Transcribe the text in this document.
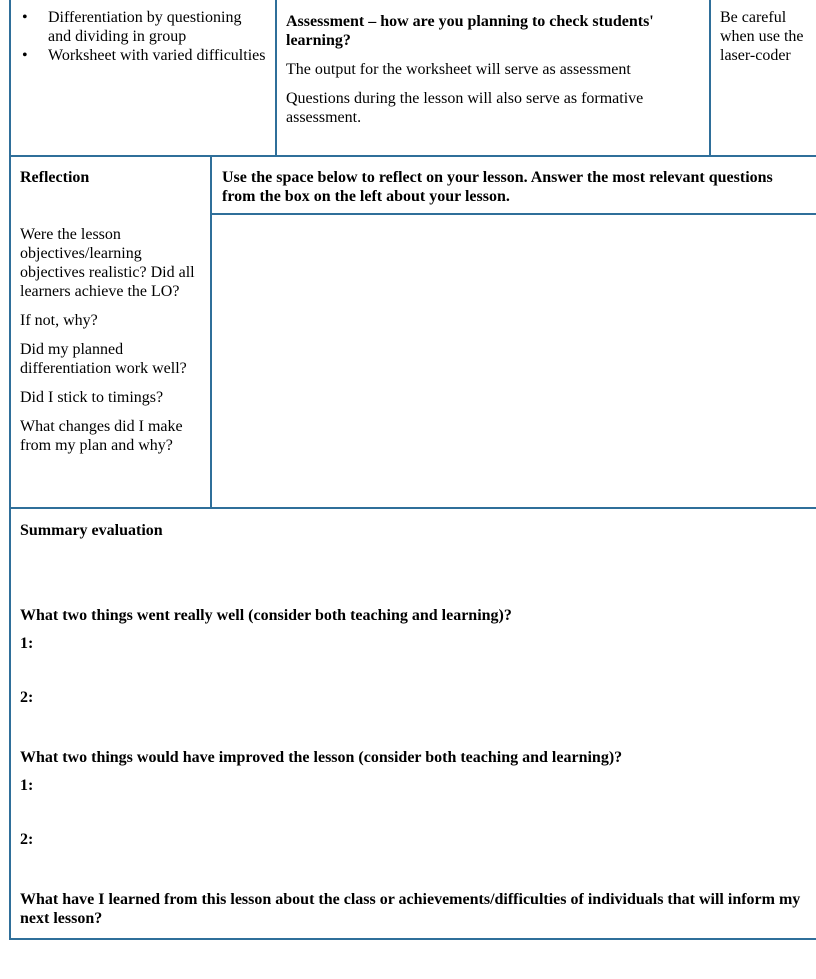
• Differentiation by questioning and dividing in group
• Worksheet with varied difficulties

Assessment – how are you planning to check students' learning?

The output for the worksheet will serve as assessment

Questions during the lesson will also serve as formative assessment.

Be careful when use the laser-coder

Reflection	Use the space below to reflect on your lesson. Answer the most relevant questions from the box on the left about your lesson.

Were the lesson objectives/learning objectives realistic? Did all learners achieve the LO?

If not, why?

Did my planned differentiation work well?

Did I stick to timings?

What changes did I make from my plan and why?

Summary evaluation

What two things went really well (consider both teaching and learning)?

1:

2:

What two things would have improved the lesson (consider both teaching and learning)?

1:

2:

What have I learned from this lesson about the class or achievements/difficulties of individuals that will inform my next lesson?
